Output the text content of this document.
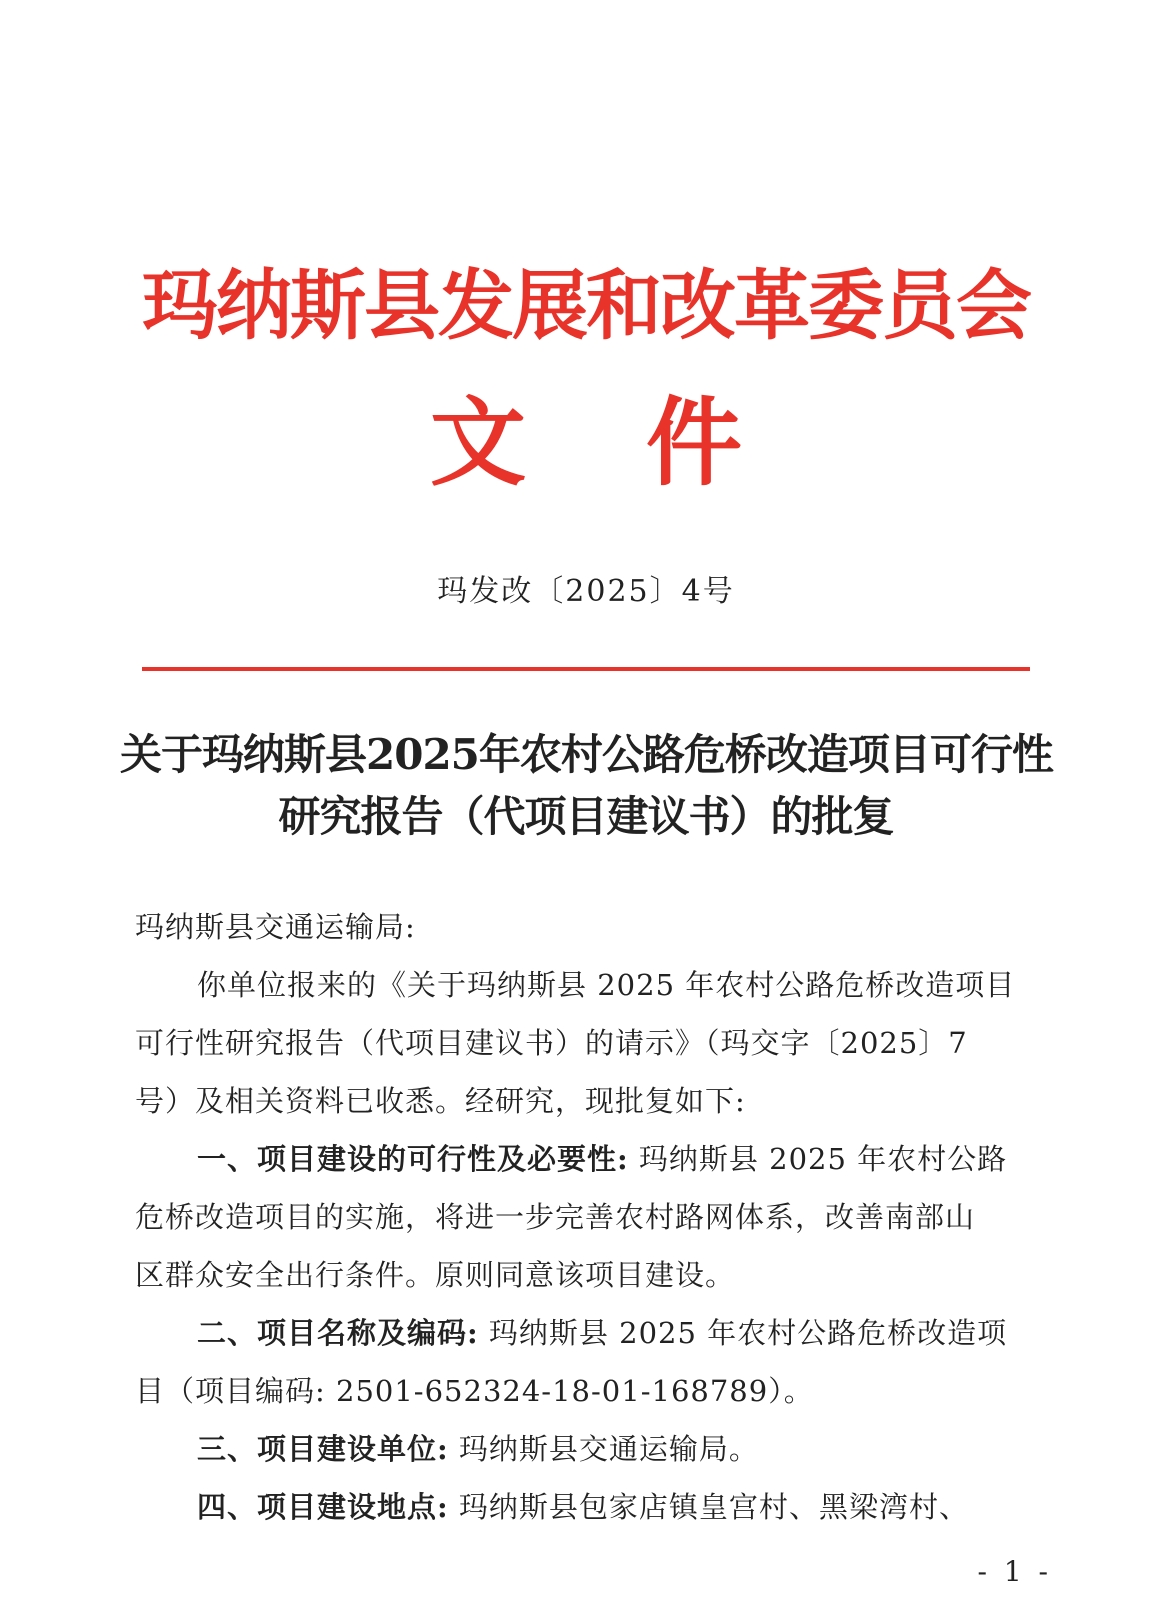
玛纳斯县发展和改革委员会
文件
玛发改〔2025〕4号
关于玛纳斯县2025年农村公路危桥改造项目可行性
研究报告（代项目建议书）的批复

玛纳斯县交通运输局:

你单位报来的《关于玛纳斯县 2025 年农村公路危桥改造项目

可行性研究报告（代项目建议书）的请示》（玛交字〔2025〕7

号）及相关资料已收悉。经研究，现批复如下:

一、项目建设的可行性及必要性: 玛纳斯县 2025 年农村公路

危桥改造项目的实施，将进一步完善农村路网体系，改善南部山

区群众安全出行条件。原则同意该项目建设。

二、项目名称及编码: 玛纳斯县 2025 年农村公路危桥改造项

目（项目编码: 2501-652324-18-01-168789）。

三、项目建设单位: 玛纳斯县交通运输局。

四、项目建设地点: 玛纳斯县包家店镇皇宫村、黑梁湾村、

- 1 -
